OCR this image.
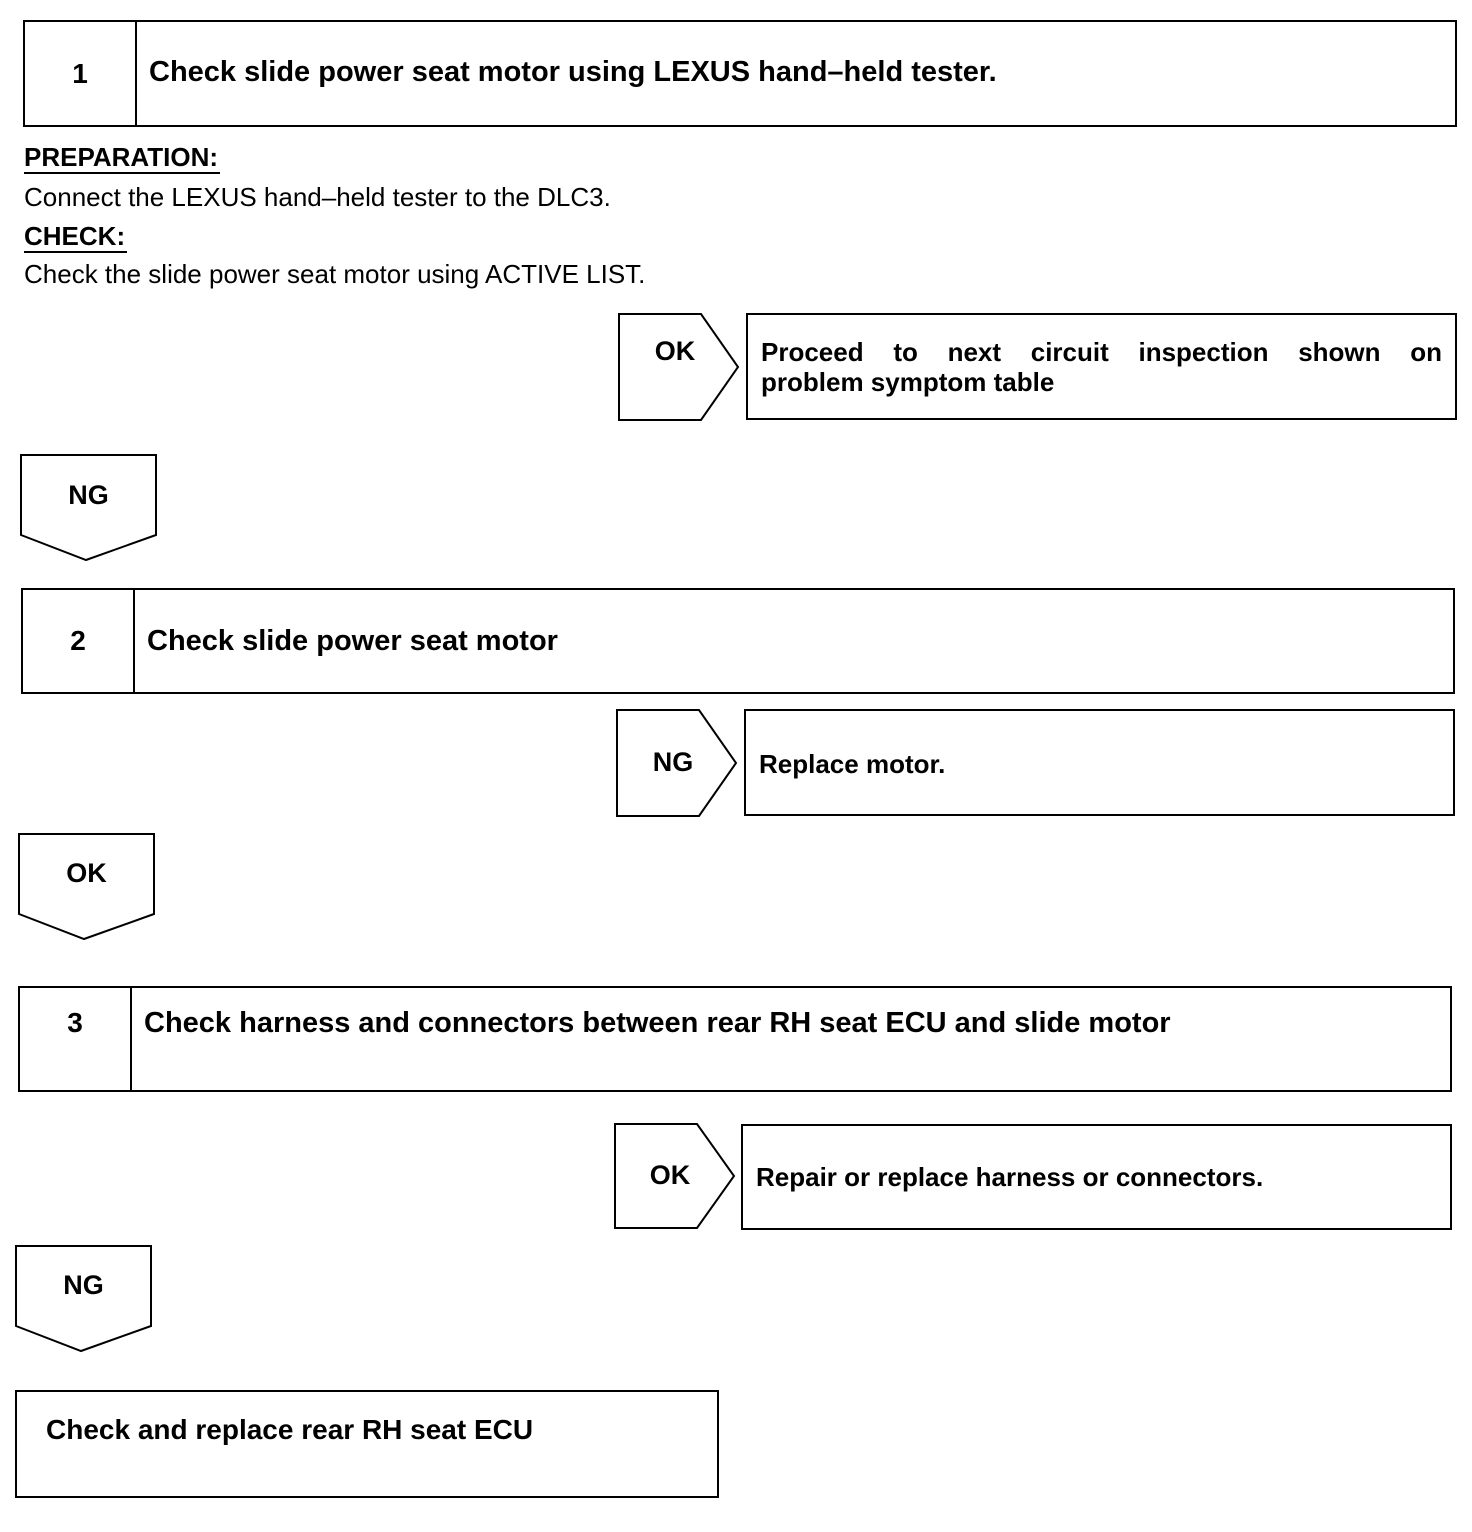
1	Check slide power seat motor using LEXUS hand–held tester.
PREPARATION:
Connect the LEXUS hand–held tester to the DLC3.
CHECK:
Check the slide power seat motor using ACTIVE LIST.
OK	Proceed to next circuit inspection shown on
problem symptom table
NG
2	Check slide power seat motor
NG	Replace motor.
OK
3	Check harness and connectors between rear RH seat ECU and slide motor
OK	Repair or replace harness or connectors.
NG
Check and replace rear RH seat ECU
